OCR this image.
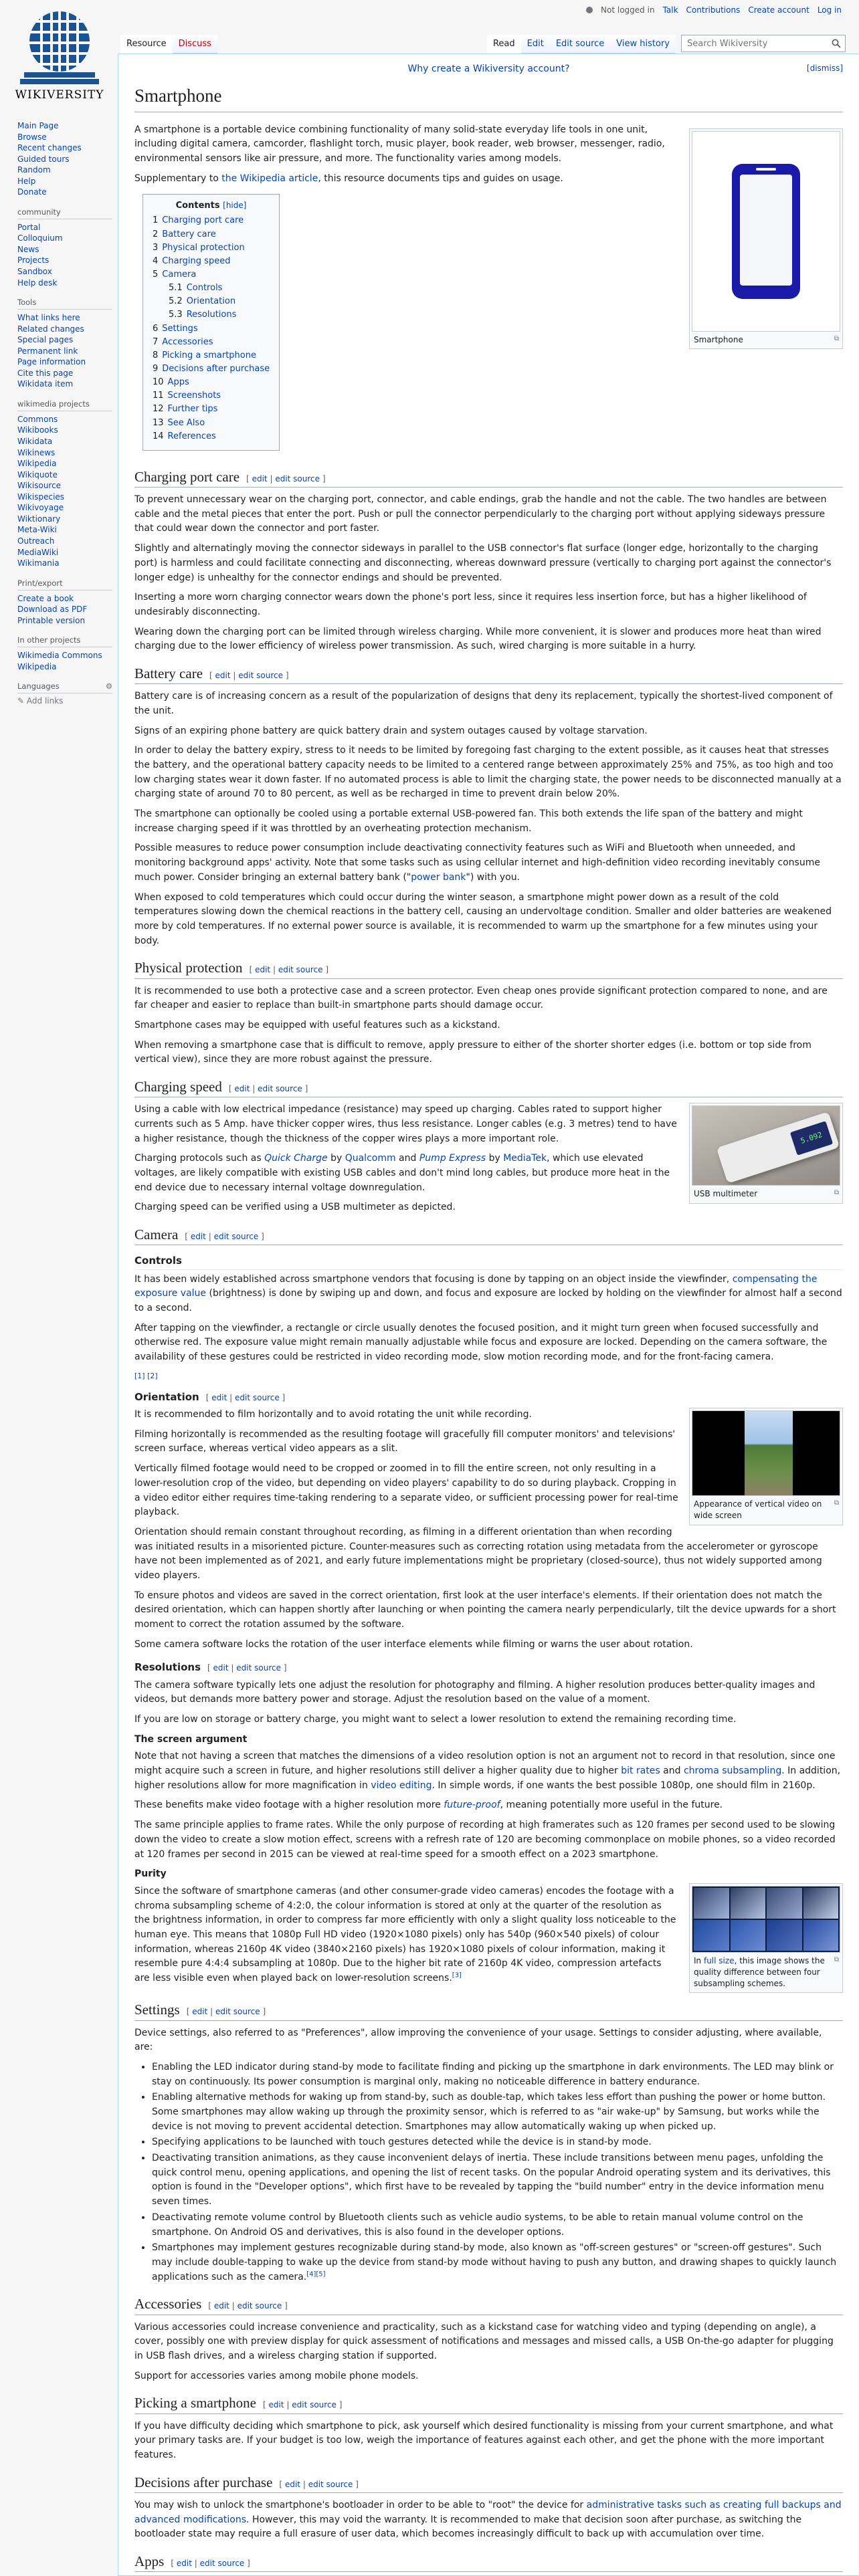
Not logged in Talk Contributions Create account Log in
Resource	Discuss	Read	Edit	Edit source	View history
Search Wikiversity
WIKIVERSITY
Main Page
Browse
Recent changes
Guided tours
Random
Help
Donate
community
Portal
Colloquium
News
Projects
Sandbox
Help desk
Tools
What links here
Related changes
Special pages
Permanent link
Page information
Cite this page
Wikidata item
wikimedia projects
Commons
Wikibooks
Wikidata
Wikinews
Wikipedia
Wikiquote
Wikisource
Wikispecies
Wikivoyage
Wiktionary
Meta-Wiki
Outreach
MediaWiki
Wikimania
Print/export
Create a book
Download as PDF
Printable version
In other projects
Wikimedia Commons
Wikipedia
Languages	⚙
✎ Add links
Why create a Wikiversity account?	[dismiss]
Smartphone
Smartphone	⧉

A smartphone is a portable device combining functionality of many solid-state everyday life tools in one unit, including digital camera, camcorder, flashlight torch, music player, book reader, web browser, messenger, radio, environmental sensors like air pressure, and more. The functionality varies among models.

Supplementary to the Wikipedia article, this resource documents tips and guides on usage.

Contents [hide]
1 Charging port care
2 Battery care
3 Physical protection
4 Charging speed
5 Camera
5.1 Controls
5.2 Orientation
5.3 Resolutions
6 Settings
7 Accessories
8 Picking a smartphone
9 Decisions after purchase
10 Apps
11 Screenshots
12 Further tips
13 See Also
14 References
Charging port care [ edit | edit source ]

To prevent unnecessary wear on the charging port, connector, and cable endings, grab the handle and not the cable. The two handles are between cable and the metal pieces that enter the port. Push or pull the connector perpendicularly to the charging port without applying sideways pressure that could wear down the connector and port faster.

Slightly and alternatingly moving the connector sideways in parallel to the USB connector's flat surface (longer edge, horizontally to the charging port) is harmless and could facilitate connecting and disconnecting, whereas downward pressure (vertically to charging port against the connector's longer edge) is unhealthy for the connector endings and should be prevented.

Inserting a more worn charging connector wears down the phone's port less, since it requires less insertion force, but has a higher likelihood of undesirably disconnecting.

Wearing down the charging port can be limited through wireless charging. While more convenient, it is slower and produces more heat than wired charging due to the lower efficiency of wireless power transmission. As such, wired charging is more suitable in a hurry.

Battery care [ edit | edit source ]

Battery care is of increasing concern as a result of the popularization of designs that deny its replacement, typically the shortest-lived component of the unit.

Signs of an expiring phone battery are quick battery drain and system outages caused by voltage starvation.

In order to delay the battery expiry, stress to it needs to be limited by foregoing fast charging to the extent possible, as it causes heat that stresses the battery, and the operational battery capacity needs to be limited to a centered range between approximately 25% and 75%, as too high and too low charging states wear it down faster. If no automated process is able to limit the charging state, the power needs to be disconnected manually at a charging state of around 70 to 80 percent, as well as be recharged in time to prevent drain below 20%.

The smartphone can optionally be cooled using a portable external USB-powered fan. This both extends the life span of the battery and might increase charging speed if it was throttled by an overheating protection mechanism.

Possible measures to reduce power consumption include deactivating connectivity features such as WiFi and Bluetooth when unneeded, and monitoring background apps' activity. Note that some tasks such as using cellular internet and high-definition video recording inevitably consume much power. Consider bringing an external battery bank ("power bank") with you.

When exposed to cold temperatures which could occur during the winter season, a smartphone might power down as a result of the cold temperatures slowing down the chemical reactions in the battery cell, causing an undervoltage condition. Smaller and older batteries are weakened more by cold temperatures. If no external power source is available, it is recommended to warm up the smartphone for a few minutes using your body.

Physical protection [ edit | edit source ]

It is recommended to use both a protective case and a screen protector. Even cheap ones provide significant protection compared to none, and are far cheaper and easier to replace than built-in smartphone parts should damage occur.

Smartphone cases may be equipped with useful features such as a kickstand.

When removing a smartphone case that is difficult to remove, apply pressure to either of the shorter shorter edges (i.e. bottom or top side from vertical view), since they are more robust against the pressure.

Charging speed [ edit | edit source ]
5.092
USB multimeter	⧉

Using a cable with low electrical impedance (resistance) may speed up charging. Cables rated to support higher currents such as 5 Amp. have thicker copper wires, thus less resistance. Longer cables (e.g. 3 metres) tend to have a higher resistance, though the thickness of the copper wires plays a more important role.

Charging protocols such as Quick Charge by Qualcomm and Pump Express by MediaTek, which use elevated voltages, are likely compatible with existing USB cables and don't mind long cables, but produce more heat in the end device due to necessary internal voltage downregulation.

Charging speed can be verified using a USB multimeter as depicted.

Camera [ edit | edit source ]
Controls

It has been widely established across smartphone vendors that focusing is done by tapping on an object inside the viewfinder, compensating the exposure value (brightness) is done by swiping up and down, and focus and exposure are locked by holding on the viewfinder for almost half a second to a second.

After tapping on the viewfinder, a rectangle or circle usually denotes the focused position, and it might turn green when focused successfully and otherwise red. The exposure value might remain manually adjustable while focus and exposure are locked. Depending on the camera software, the availability of these gestures could be restricted in video recording mode, slow motion recording mode, and for the front-facing camera.

[1] [2]

Orientation [ edit | edit source ]
Appearance of vertical video on wide screen
⧉

It is recommended to film horizontally and to avoid rotating the unit while recording.

Filming horizontally is recommended as the resulting footage will gracefully fill computer monitors' and televisions' screen surface, whereas vertical video appears as a slit.

Vertically filmed footage would need to be cropped or zoomed in to fill the entire screen, not only resulting in a lower-resolution crop of the video, but depending on video players' capability to do so during playback. Cropping in a video editor either requires time-taking rendering to a separate video, or sufficient processing power for real-time playback.

Orientation should remain constant throughout recording, as filming in a different orientation than when recording was initiated results in a misoriented picture. Counter-measures such as correcting rotation using metadata from the accelerometer or gyroscope have not been implemented as of 2021, and early future implementations might be proprietary (closed-source), thus not widely supported among video players.

To ensure photos and videos are saved in the correct orientation, first look at the user interface's elements. If their orientation does not match the desired orientation, which can happen shortly after launching or when pointing the camera nearly perpendicularly, tilt the device upwards for a short moment to correct the rotation assumed by the software.

Some camera software locks the rotation of the user interface elements while filming or warns the user about rotation.

Resolutions [ edit | edit source ]

The camera software typically lets one adjust the resolution for photography and filming. A higher resolution produces better-quality images and videos, but demands more battery power and storage. Adjust the resolution based on the value of a moment.

If you are low on storage or battery charge, you might want to select a lower resolution to extend the remaining recording time.

The screen argument

Note that not having a screen that matches the dimensions of a video resolution option is not an argument not to record in that resolution, since one might acquire such a screen in future, and higher resolutions still deliver a higher quality due to higher bit rates and chroma subsampling. In addition, higher resolutions allow for more magnification in video editing. In simple words, if one wants the best possible 1080p, one should film in 2160p.

These benefits make video footage with a higher resolution more future-proof, meaning potentially more useful in the future.

The same principle applies to frame rates. While the only purpose of recording at high framerates such as 120 frames per second used to be slowing down the video to create a slow motion effect, screens with a refresh rate of 120 are becoming commonplace on mobile phones, so a video recorded at 120 frames per second in 2015 can be viewed at real-time speed for a smooth effect on a 2023 smartphone.

Purity
In full size, this image shows the quality difference between four subsampling schemes.
⧉

Since the software of smartphone cameras (and other consumer-grade video cameras) encodes the footage with a chroma subsampling scheme of 4:2:0, the colour information is stored at only at the quarter of the resolution as the brightness information, in order to compress far more efficiently with only a slight quality loss noticeable to the human eye. This means that 1080p Full HD video (1920×1080 pixels) only has 540p (960×540 pixels) of colour information, whereas 2160p 4K video (3840×2160 pixels) has 1920×1080 pixels of colour information, making it resemble pure 4:4:4 subsampling at 1080p. Due to the higher bit rate of 2160p 4K video, compression artefacts are less visible even when played back on lower-resolution screens.[3]

Settings [ edit | edit source ]

Device settings, also referred to as "Preferences", allow improving the convenience of your usage. Settings to consider adjusting, where available, are:

• Enabling the LED indicator during stand-by mode to facilitate finding and picking up the smartphone in dark environments. The LED may blink or stay on continuously. Its power consumption is marginal only, making no noticeable difference in battery endurance.
• Enabling alternative methods for waking up from stand-by, such as double-tap, which takes less effort than pushing the power or home button. Some smartphones may allow waking up through the proximity sensor, which is referred to as "air wake-up" by Samsung, but works while the device is not moving to prevent accidental detection. Smartphones may allow automatically waking up when picked up.
• Specifying applications to be launched with touch gestures detected while the device is in stand-by mode.
• Deactivating transition animations, as they cause inconvenient delays of inertia. These include transitions between menu pages, unfolding the quick control menu, opening applications, and opening the list of recent tasks. On the popular Android operating system and its derivatives, this option is found in the "Developer options", which first have to be revealed by tapping the "build number" entry in the device information menu seven times.
• Deactivating remote volume control by Bluetooth clients such as vehicle audio systems, to be able to retain manual volume control on the smartphone. On Android OS and derivatives, this is also found in the developer options.
• Smartphones may implement gestures recognizable during stand-by mode, also known as "off-screen gestures" or "screen-off gestures". Such may include double-tapping to wake up the device from stand-by mode without having to push any button, and drawing shapes to quickly launch applications such as the camera.[4][5]
Accessories [ edit | edit source ]

Various accessories could increase convenience and practicality, such as a kickstand case for watching video and typing (depending on angle), a cover, possibly one with preview display for quick assessment of notifications and messages and missed calls, a USB On-the-go adapter for plugging in USB flash drives, and a wireless charging station if supported.

Support for accessories varies among mobile phone models.

Picking a smartphone [ edit | edit source ]

If you have difficulty deciding which smartphone to pick, ask yourself which desired functionality is missing from your current smartphone, and what your primary tasks are. If your budget is too low, weigh the importance of features against each other, and get the phone with the more important features.

Decisions after purchase [ edit | edit source ]

You may wish to unlock the smartphone's bootloader in order to be able to "root" the device for administrative tasks such as creating full backups and advanced modifications. However, this may void the warranty. It is recommended to make that decision soon after purchase, as switching the bootloader state may require a full erasure of user data, which becomes increasingly difficult to back up with accumulation over time.

Apps [ edit | edit source ]
